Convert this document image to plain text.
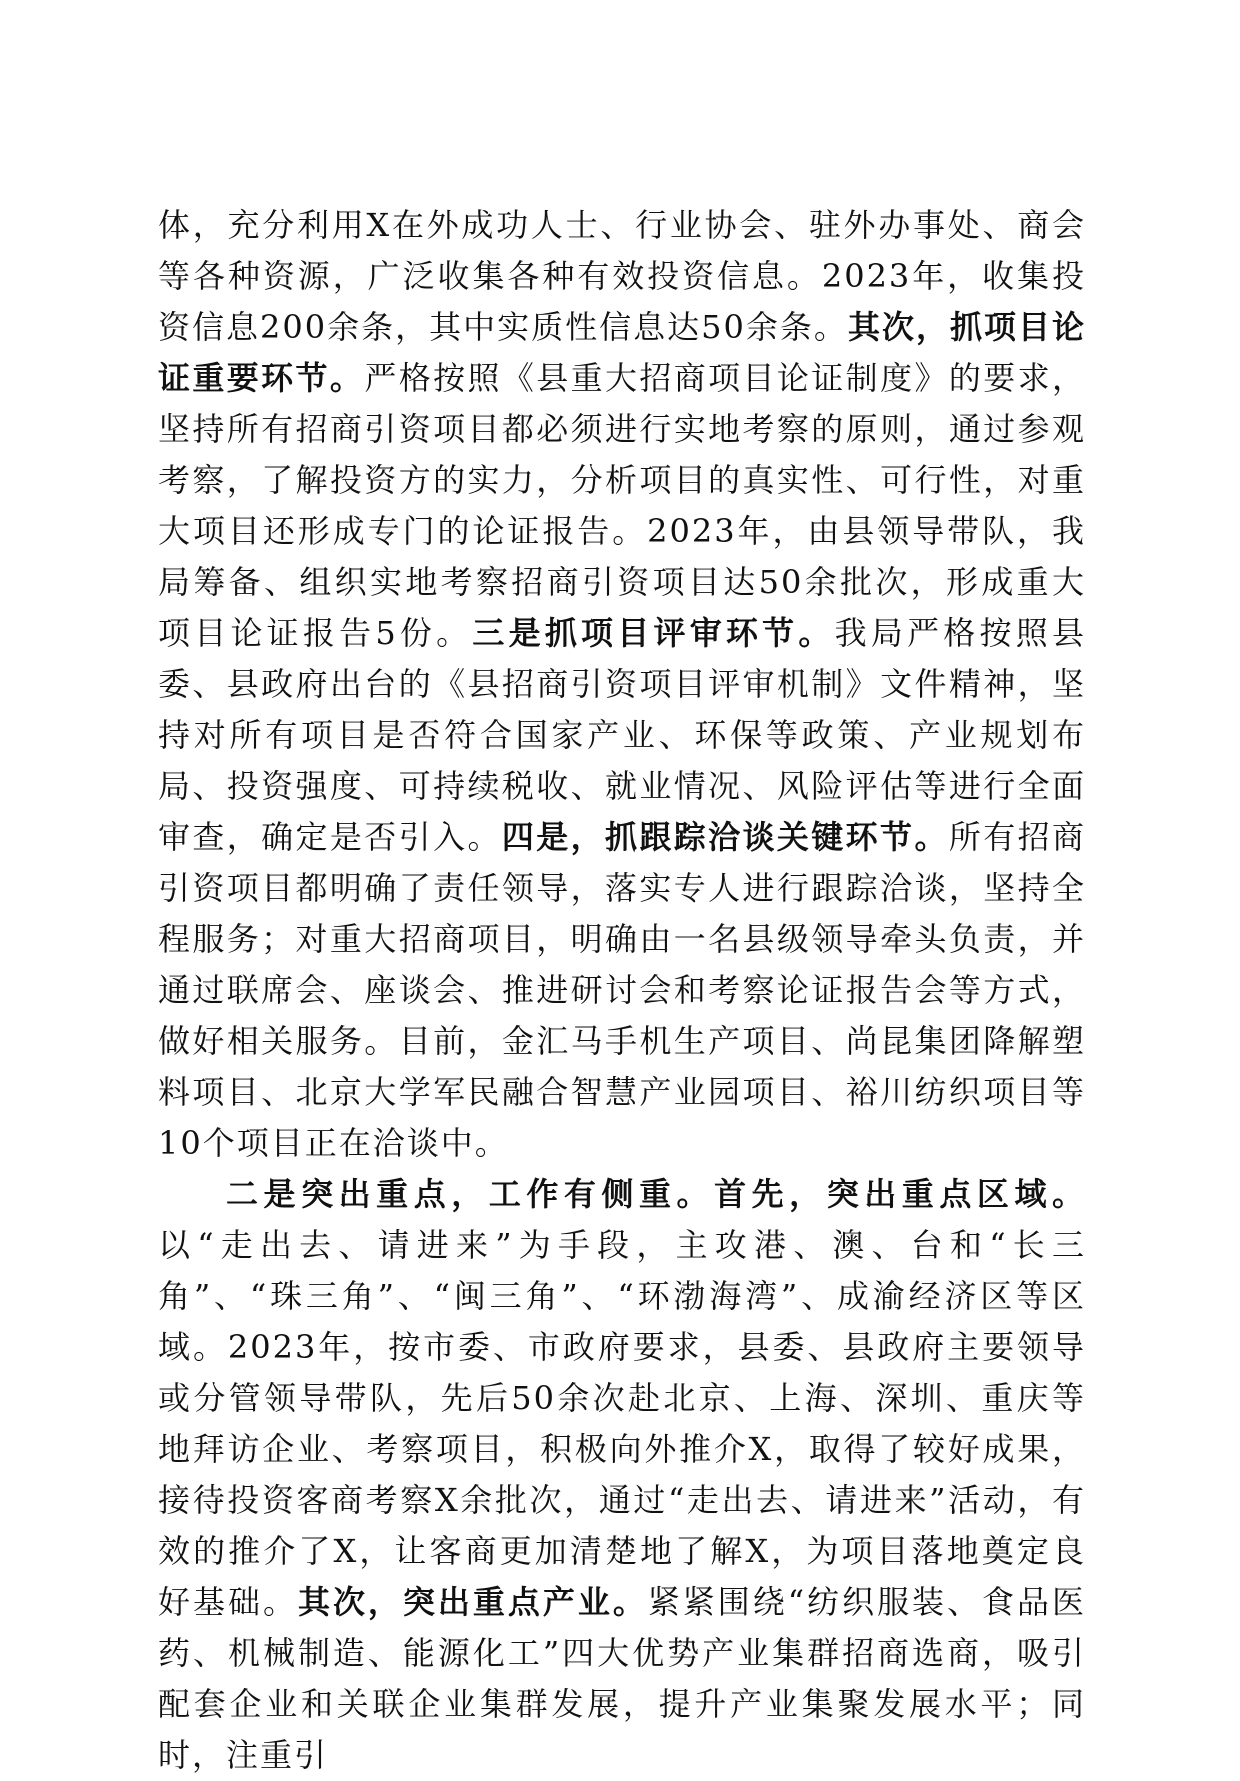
体，充分利用X在外成功人士、行业协会、驻外办事处、商会等各种资源，广泛收集各种有效投资信息。2023年，收集投资信息200余条，其中实质性信息达50余条。其次，抓项目论证重要环节。严格按照《县重大招商项目论证制度》的要求，坚持所有招商引资项目都必须进行实地考察的原则，通过参观考察，了解投资方的实力，分析项目的真实性、可行性，对重大项目还形成专门的论证报告。2023年，由县领导带队，我局筹备、组织实地考察招商引资项目达50余批次，形成重大项目论证报告5份。三是抓项目评审环节。我局严格按照县委、县政府出台的《县招商引资项目评审机制》文件精神，坚持对所有项目是否符合国家产业、环保等政策、产业规划布局、投资强度、可持续税收、就业情况、风险评估等进行全面审查，确定是否引入。四是，抓跟踪洽谈关键环节。所有招商引资项目都明确了责任领导，落实专人进行跟踪洽谈，坚持全程服务；对重大招商项目，明确由一名县级领导牵头负责，并通过联席会、座谈会、推进研讨会和考察论证报告会等方式，做好相关服务。目前，金汇马手机生产项目、尚昆集团降解塑料项目、北京大学军民融合智慧产业园项目、裕川纺织项目等10个项目正在洽谈中。

二是突出重点，工作有侧重。首先，突出重点区域。以“走出去、请进来”为手段，主攻港、澳、台和“长三角”、“珠三角”、“闽三角”、“环渤海湾”、成渝经济区等区域。2023年，按市委、市政府要求，县委、县政府主要领导或分管领导带队，先后50余次赴北京、上海、深圳、重庆等地拜访企业、考察项目，积极向外推介X，取得了较好成果，接待投资客商考察X余批次，通过“走出去、请进来”活动，有效的推介了X，让客商更加清楚地了解X，为项目落地奠定良好基础。其次，突出重点产业。紧紧围绕“纺织服装、食品医药、机械制造、能源化工”四大优势产业集群招商选商，吸引配套企业和关联企业集群发展，提升产业集聚发展水平；同时，注重引
